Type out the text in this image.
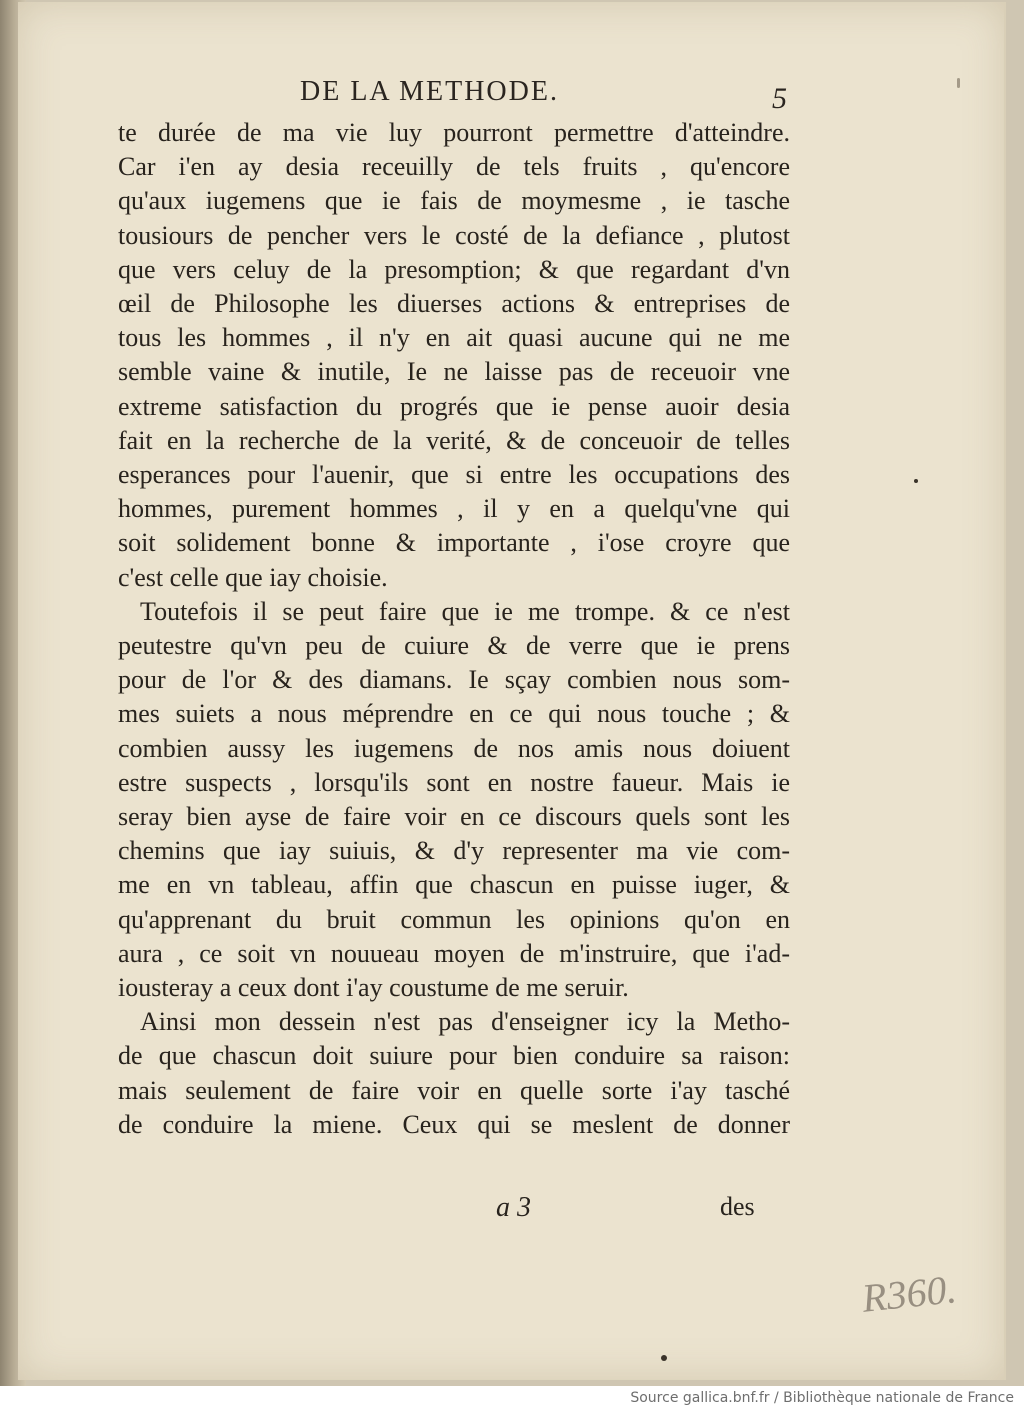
DE LA METHODE.	5
te durée de ma vie luy pourront permettre d'atteindre.
Car i'en ay desia receuilly de tels fruits , qu'encore
qu'aux iugemens que ie fais de moymesme , ie tasche
tousiours de pencher vers le costé de la defiance , plutost
que vers celuy de la presomption; & que regardant d'vn
œil de Philosophe les diuerses actions & entreprises de
tous les hommes , il n'y en ait quasi aucune qui ne me
semble vaine & inutile, Ie ne laisse pas de receuoir vne
extreme satisfaction du progrés que ie pense auoir desia
fait en la recherche de la verité, & de conceuoir de telles
esperances pour l'auenir, que si entre les occupations des
hommes, purement hommes , il y en a quelqu'vne qui
soit solidement bonne & importante , i'ose croyre que
c'est celle que iay choisie.
Toutefois il se peut faire que ie me trompe. & ce n'est
peutestre qu'vn peu de cuiure & de verre que ie prens
pour de l'or & des diamans. Ie sçay combien nous som-
mes suiets a nous méprendre en ce qui nous touche ; &
combien aussy les iugemens de nos amis nous doiuent
estre suspects , lorsqu'ils sont en nostre faueur. Mais ie
seray bien ayse de faire voir en ce discours quels sont les
chemins que iay suiuis, & d'y representer ma vie com-
me en vn tableau, affin que chascun en puisse iuger, &
qu'apprenant du bruit commun les opinions qu'on en
aura , ce soit vn nouueau moyen de m'instruire, que i'ad-
iousteray a ceux dont i'ay coustume de me seruir.
Ainsi mon dessein n'est pas d'enseigner icy la Metho-
de que chascun doit suiure pour bien conduire sa raison:
mais seulement de faire voir en quelle sorte i'ay tasché
de conduire la miene. Ceux qui se meslent de donner
a 3	des
R360.
Source gallica.bnf.fr / Bibliothèque nationale de France
